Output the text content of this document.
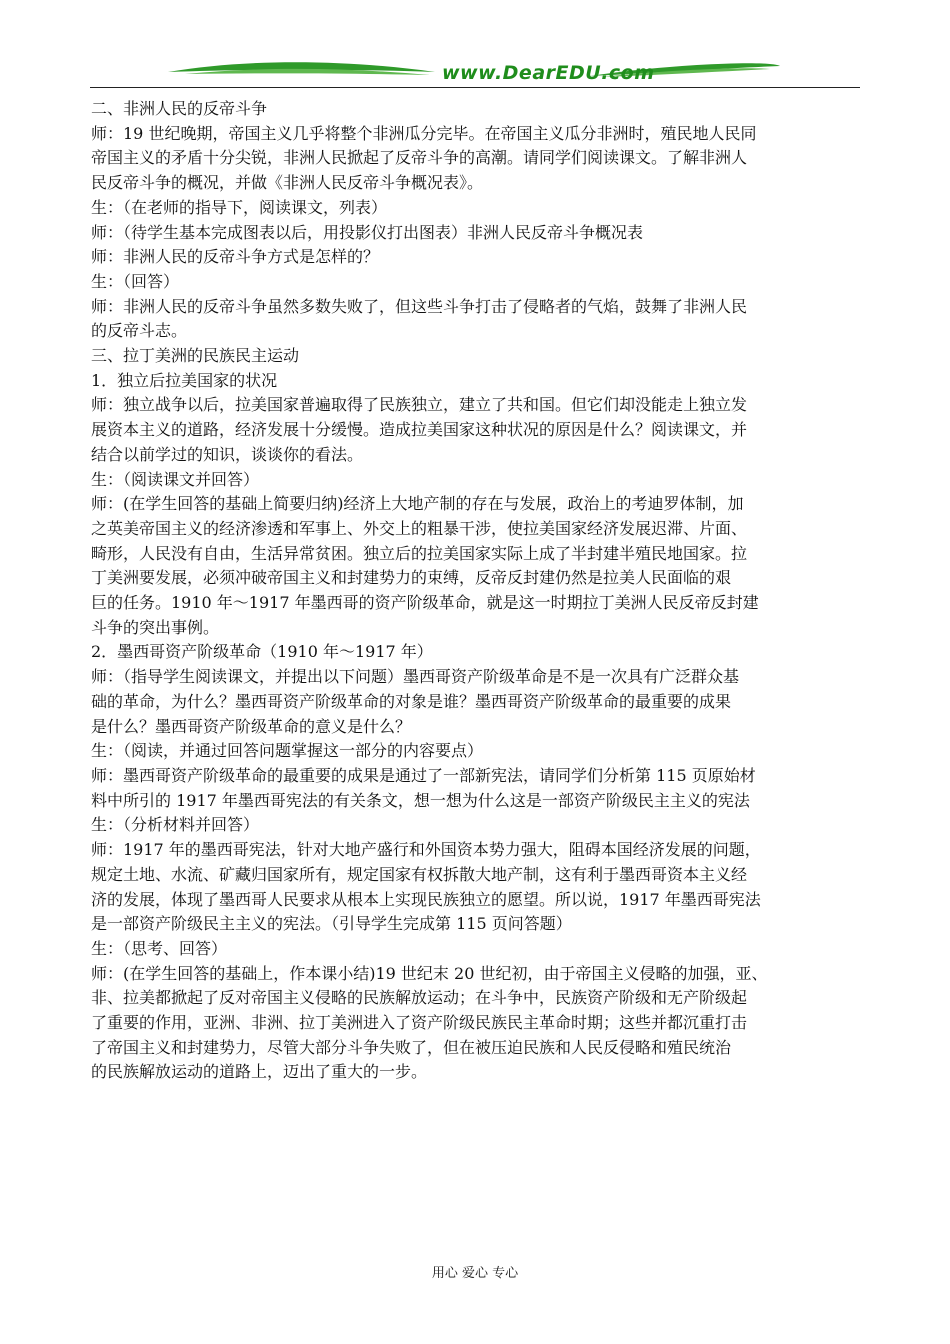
www.DearEDU.com
二、非洲人民的反帝斗争
师：19 世纪晚期，帝国主义几乎将整个非洲瓜分完毕。在帝国主义瓜分非洲时，殖民地人民同
帝国主义的矛盾十分尖锐，非洲人民掀起了反帝斗争的高潮。请同学们阅读课文。了解非洲人
民反帝斗争的概况，并做《非洲人民反帝斗争概况表》。
生：（在老师的指导下，阅读课文，列表）
师：（待学生基本完成图表以后，用投影仪打出图表）非洲人民反帝斗争概况表
师：非洲人民的反帝斗争方式是怎样的？
生：（回答）
师：非洲人民的反帝斗争虽然多数失败了，但这些斗争打击了侵略者的气焰，鼓舞了非洲人民
的反帝斗志。
三、拉丁美洲的民族民主运动
1．独立后拉美国家的状况
师：独立战争以后，拉美国家普遍取得了民族独立，建立了共和国。但它们却没能走上独立发
展资本主义的道路，经济发展十分缓慢。造成拉美国家这种状况的原因是什么？阅读课文，并
结合以前学过的知识，谈谈你的看法。
生：（阅读课文并回答）
师：(在学生回答的基础上简要归纳)经济上大地产制的存在与发展，政治上的考迪罗体制，加
之英美帝国主义的经济渗透和军事上、外交上的粗暴干涉，使拉美国家经济发展迟滞、片面、
畸形，人民没有自由，生活异常贫困。独立后的拉美国家实际上成了半封建半殖民地国家。拉
丁美洲要发展，必须冲破帝国主义和封建势力的束缚，反帝反封建仍然是拉美人民面临的艰
巨的任务。1910 年～1917 年墨西哥的资产阶级革命，就是这一时期拉丁美洲人民反帝反封建
斗争的突出事例。
2．墨西哥资产阶级革命（1910 年～1917 年）
师：（指导学生阅读课文，并提出以下问题）墨西哥资产阶级革命是不是一次具有广泛群众基
础的革命，为什么？墨西哥资产阶级革命的对象是谁？墨西哥资产阶级革命的最重要的成果
是什么？墨西哥资产阶级革命的意义是什么？
生：（阅读，并通过回答问题掌握这一部分的内容要点）
师：墨西哥资产阶级革命的最重要的成果是通过了一部新宪法，请同学们分析第 115 页原始材
料中所引的 1917 年墨西哥宪法的有关条文，想一想为什么这是一部资产阶级民主主义的宪法
生：（分析材料并回答）
师：1917 年的墨西哥宪法，针对大地产盛行和外国资本势力强大，阻碍本国经济发展的问题，
规定土地、水流、矿藏归国家所有，规定国家有权拆散大地产制，这有利于墨西哥资本主义经
济的发展，体现了墨西哥人民要求从根本上实现民族独立的愿望。所以说，1917 年墨西哥宪法
是一部资产阶级民主主义的宪法。（引导学生完成第 115 页问答题）
生：（思考、回答）
师：(在学生回答的基础上，作本课小结)19 世纪末 20 世纪初，由于帝国主义侵略的加强，亚、
非、拉美都掀起了反对帝国主义侵略的民族解放运动；在斗争中，民族资产阶级和无产阶级起
了重要的作用，亚洲、非洲、拉丁美洲进入了资产阶级民族民主革命时期；这些并都沉重打击
了帝国主义和封建势力，尽管大部分斗争失败了，但在被压迫民族和人民反侵略和殖民统治
的民族解放运动的道路上，迈出了重大的一步。
用心 爱心 专心
